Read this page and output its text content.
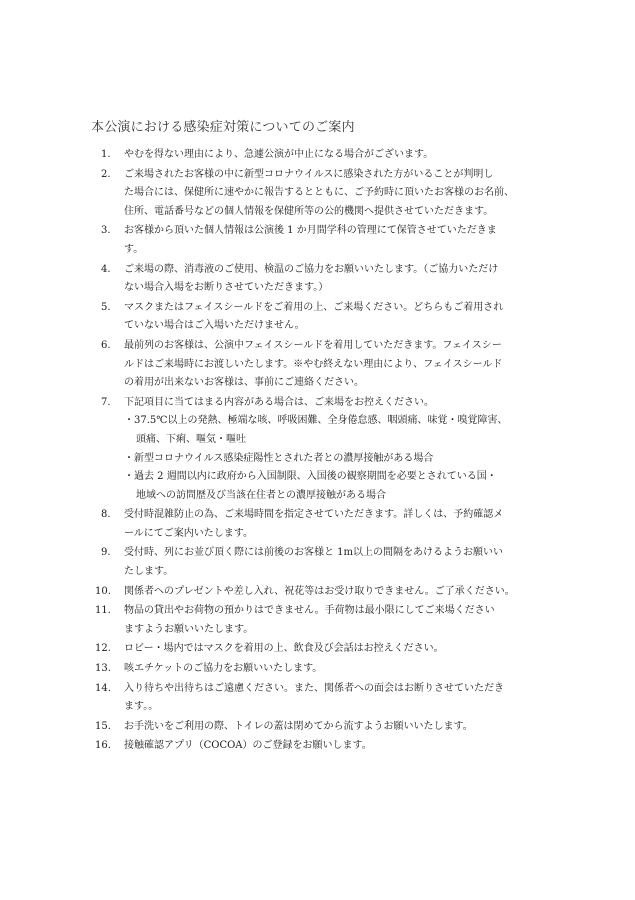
本公演における感染症対策についてのご案内
1.	やむを得ない理由により、急遽公演が中止になる場合がございます。
2.	ご来場されたお客様の中に新型コロナウイルスに感染された方がいることが判明し
た場合には、保健所に速やかに報告するとともに、ご予約時に頂いたお客様のお名前、
住所、電話番号などの個人情報を保健所等の公的機関へ提供させていただきます。
3.	お客様から頂いた個人情報は公演後 1 か月間学科の管理にて保管させていただきま
す。
4.	ご来場の際、消毒液のご使用、検温のご協力をお願いいたします。（ご協力いただけ
ない場合入場をお断りさせていただきます。）
5.	マスクまたはフェイスシールドをご着用の上、ご来場ください。どちらもご着用され
ていない場合はご入場いただけません。
6.	最前列のお客様は、公演中フェイスシールドを着用していただきます。フェイスシー
ルドはご来場時にお渡しいたします。※やむ終えない理由により、フェイスシールド
の着用が出来ないお客様は、事前にご連絡ください。
7.	下記項目に当てはまる内容がある場合は、ご来場をお控えください。
・37.5℃以上の発熱、極端な咳、呼吸困難、全身倦怠感、咽頭痛、味覚・嗅覚障害、
頭痛、下痢、嘔気・嘔吐
・新型コロナウイルス感染症陽性とされた者との濃厚接触がある場合
・過去 2 週間以内に政府から入国制限、入国後の観察期間を必要とされている国・
地域への訪問歴及び当該在住者との濃厚接触がある場合
8.	受付時混雑防止の為、ご来場時間を指定させていただきます。詳しくは、予約確認メ
ールにてご案内いたします。
9.	受付時、列にお並び頂く際には前後のお客様と 1m以上の間隔をあけるようお願いい
たします。
10.	関係者へのプレゼントや差し入れ、祝花等はお受け取りできません。ご了承ください。
11.	物品の貸出やお荷物の預かりはできません。手荷物は最小限にしてご来場ください
ますようお願いいたします。
12.	ロビー・場内ではマスクを着用の上、飲食及び会話はお控えください。
13.	咳エチケットのご協力をお願いいたします。
14.	入り待ちや出待ちはご遠慮ください。また、関係者への面会はお断りさせていただき
ます。。
15.	お手洗いをご利用の際、トイレの蓋は閉めてから流すようお願いいたします。
16.	接触確認アプリ（COCOA）のご登録をお願いします。
